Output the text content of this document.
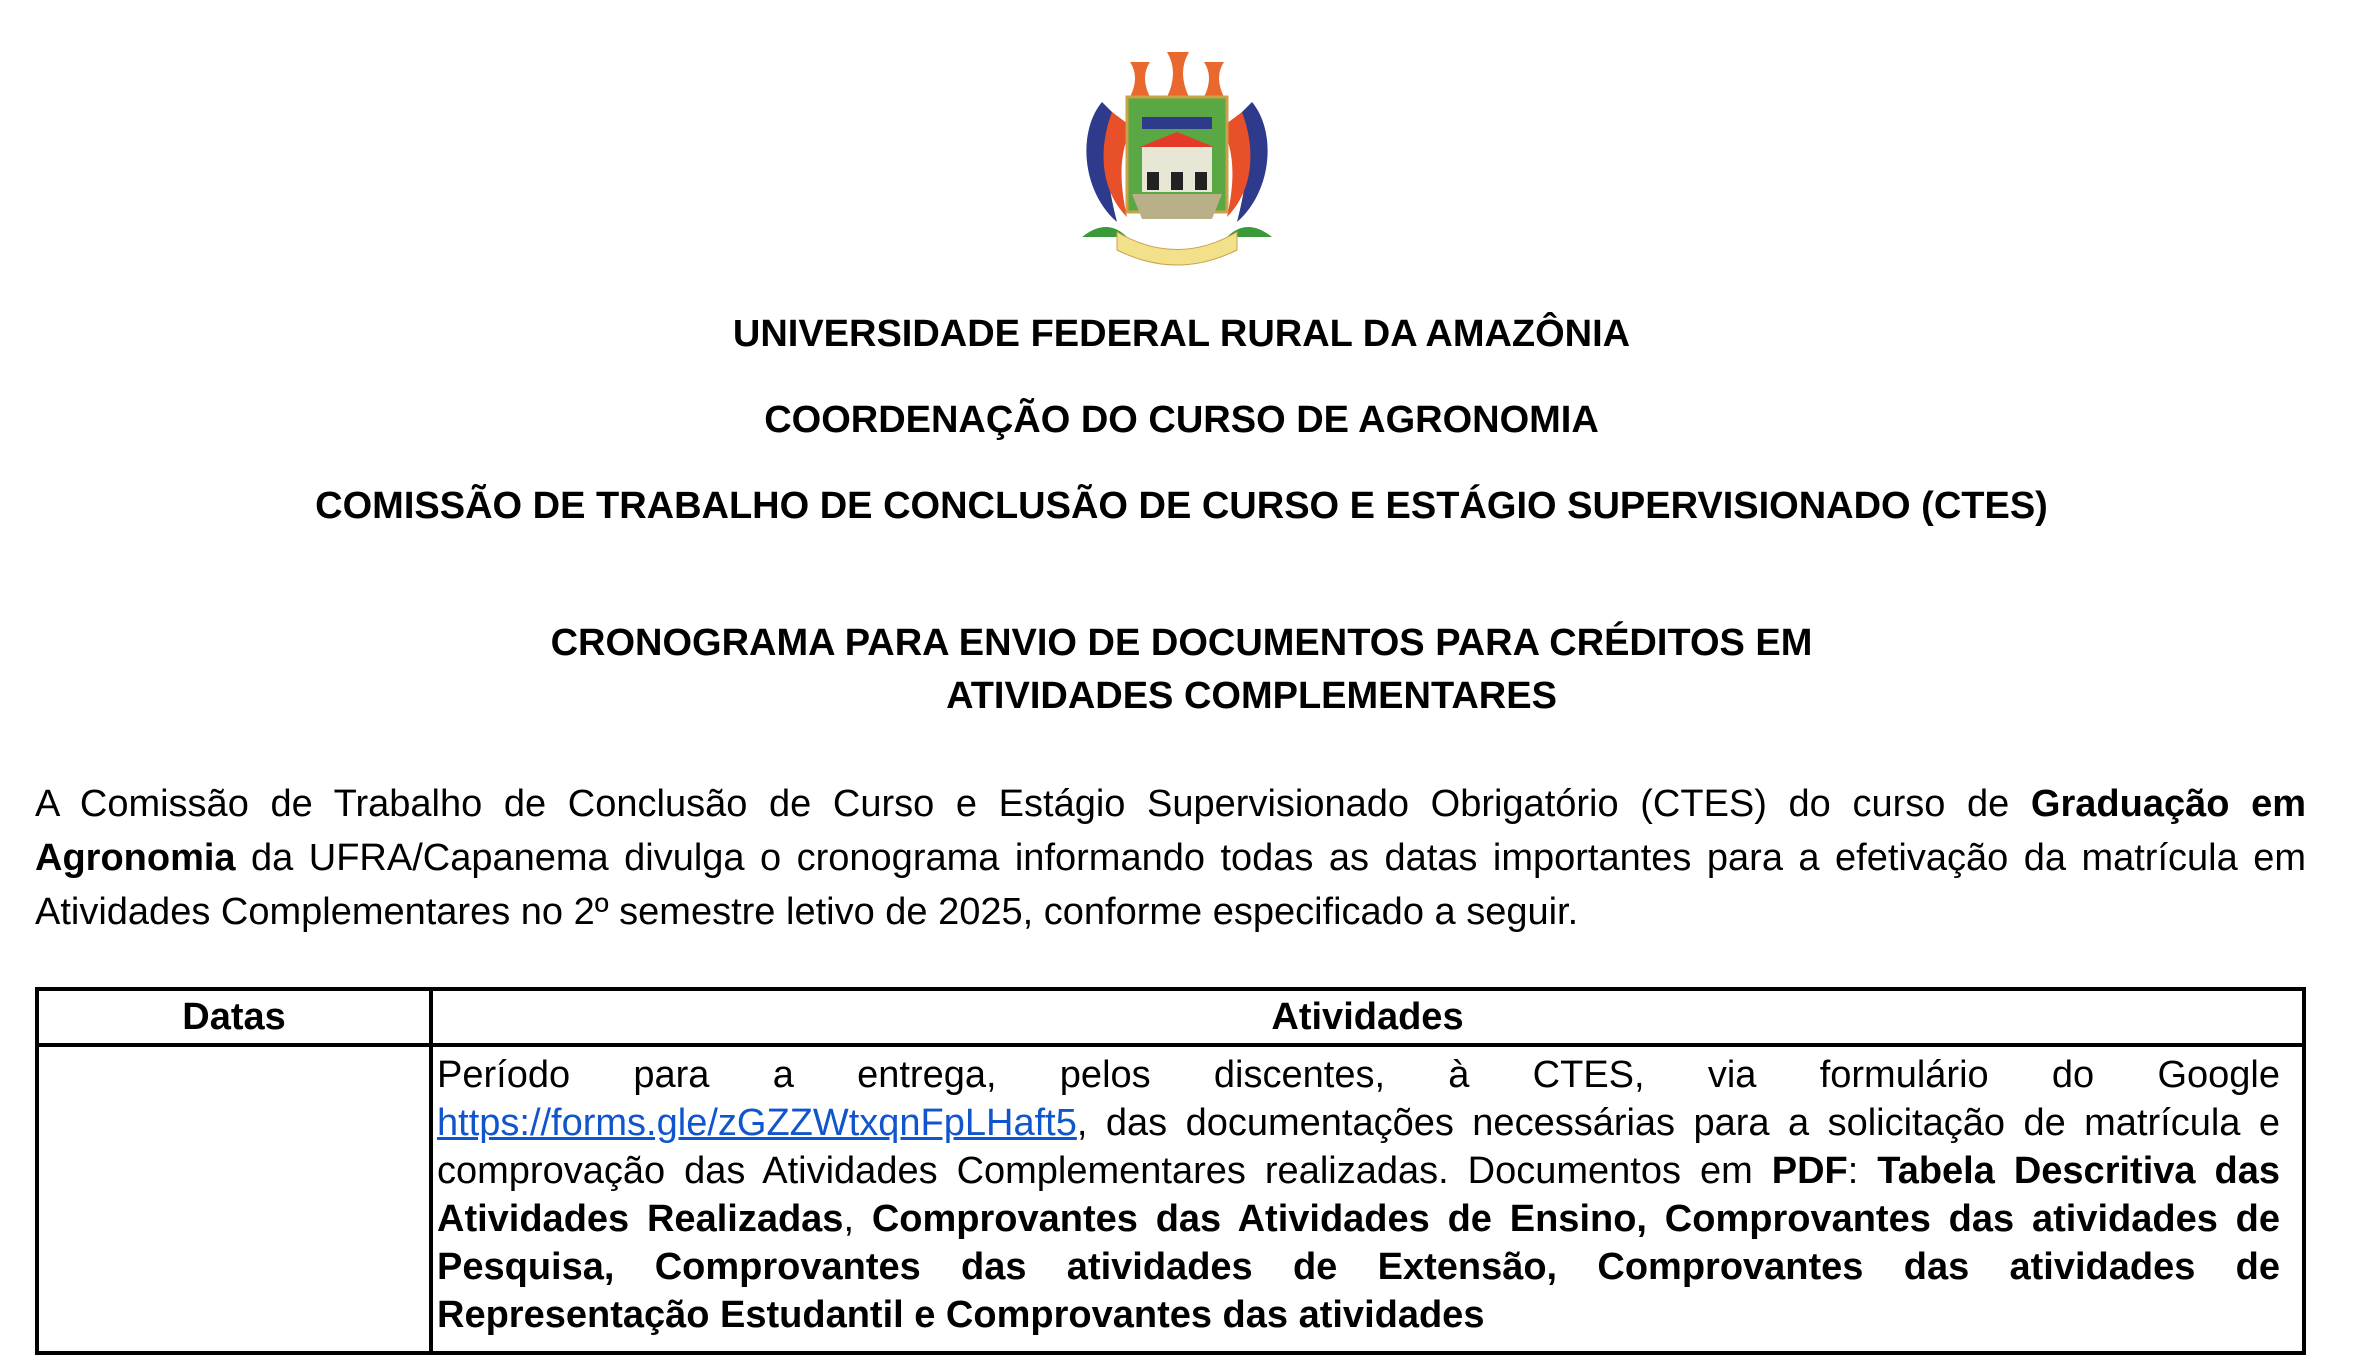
UNIVERSIDADE FEDERAL RURAL DA AMAZÔNIA
COORDENAÇÃO DO CURSO DE AGRONOMIA
COMISSÃO DE TRABALHO DE CONCLUSÃO DE CURSO E ESTÁGIO SUPERVISIONADO (CTES)
CRONOGRAMA PARA ENVIO DE DOCUMENTOS PARA CRÉDITOS EM
ATIVIDADES COMPLEMENTARES
A Comissão de Trabalho de Conclusão de Curso e Estágio Supervisionado Obrigatório (CTES) do curso de Graduação em Agronomia da UFRA/Capanema divulga o cronograma informando todas as datas importantes para a efetivação da matrícula em Atividades Complementares no 2º semestre letivo de 2025, conforme especificado a seguir.
Datas	Atividades
	Período para a entrega, pelos discentes, à CTES, via formulário do Google https://forms.gle/zGZZWtxqnFpLHaft5, das documentações necessárias para a solicitação de matrícula e comprovação das Atividades Complementares realizadas. Documentos em PDF: Tabela Descritiva das Atividades Realizadas, Comprovantes das Atividades de Ensino, Comprovantes das atividades de Pesquisa, Comprovantes das atividades de Extensão, Comprovantes das atividades de Representação Estudantil e Comprovantes das atividades
